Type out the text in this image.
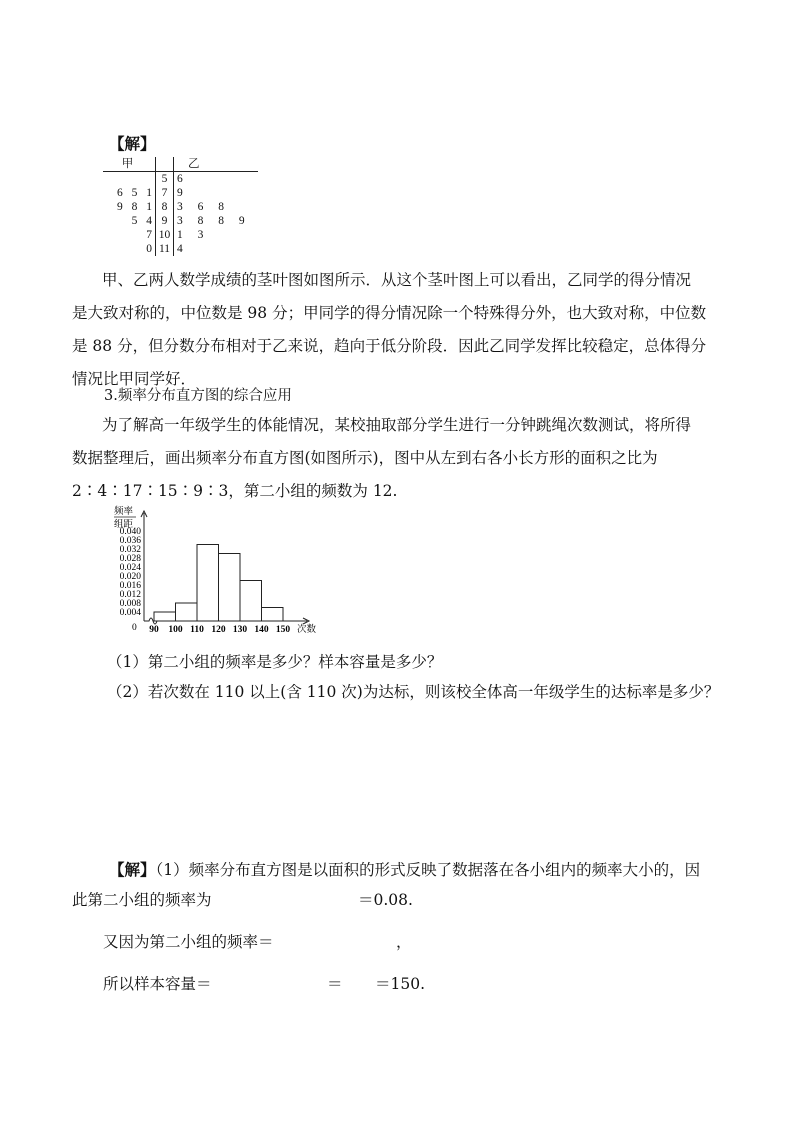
【解】
甲		乙
	5	6
6 5 1	7	9
9 8 1	8	3 6 8
5 4	9	3 8 8 9
7	10	1 3
0	11	4
甲、乙两人数学成绩的茎叶图如图所示．从这个茎叶图上可以看出，乙同学的得分情况
是大致对称的，中位数是 98 分；甲同学的得分情况除一个特殊得分外，也大致对称，中位数
是 88 分，但分数分布相对于乙来说，趋向于低分阶段．因此乙同学发挥比较稳定，总体得分
情况比甲同学好．
3.频率分布直方图的综合应用
为了解高一年级学生的体能情况，某校抽取部分学生进行一分钟跳绳次数测试，将所得
数据整理后，画出频率分布直方图(如图所示)，图中从左到右各小长方形的面积之比为
2∶4∶17∶15∶9∶3，第二小组的频数为 12.
频率
组距
0.004
0.008
0.012
0.016
0.020
0.024
0.028
0.032
0.036
0.040
0 90 100 110 120 130 140 150 次数
（1）第二小组的频率是多少？样本容量是多少？
（2）若次数在 110 以上(含 110 次)为达标，则该校全体高一年级学生的达标率是多少？
【解】（1）频率分布直方图是以面积的形式反映了数据落在各小组内的频率大小的，因
此第二小组的频率为	＝0.08.
又因为第二小组的频率＝	，
所以样本容量＝	＝ ＝150.
